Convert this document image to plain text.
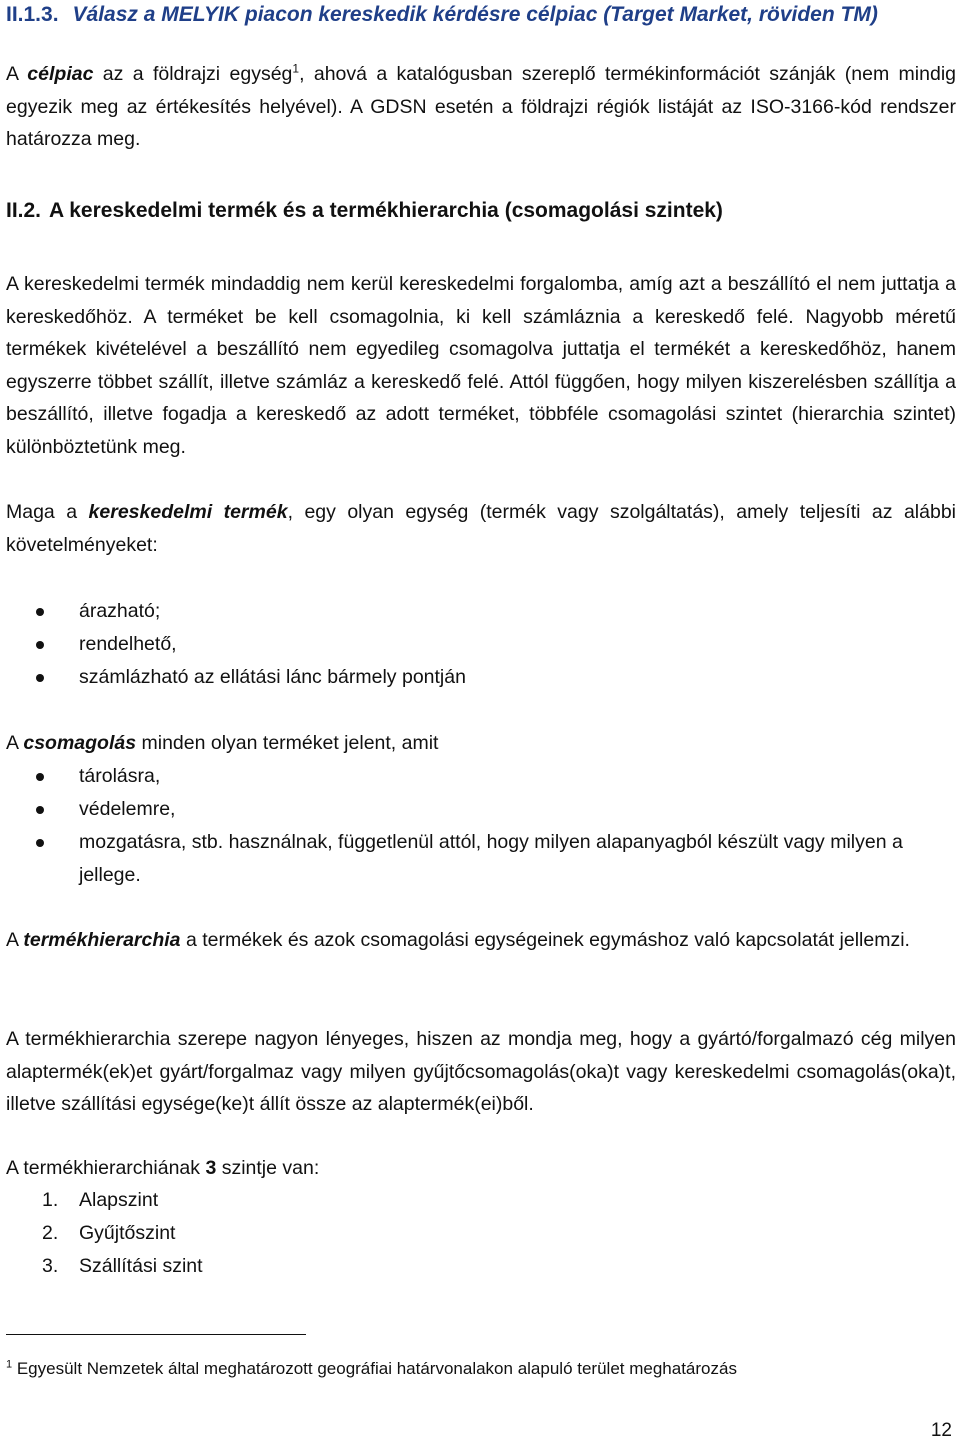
II.1.3. Válasz a MELYIK piacon kereskedik kérdésre célpiac (Target Market, röviden TM)
A célpiac az a földrajzi egység$^1$, ahová a katalógusban szereplő termékinformációt szánják (nem mindig egyezik meg az értékesítés helyével). A GDSN esetén a földrajzi régiók listáját az ISO-3166-kód rendszer határozza meg.
II.2. A kereskedelmi termék és a termékhierarchia (csomagolási szintek)
A kereskedelmi termék mindaddig nem kerül kereskedelmi forgalomba, amíg azt a beszállító el nem juttatja a kereskedőhöz. A terméket be kell csomagolnia, ki kell számláznia a kereskedő felé. Nagyobb méretű termékek kivételével a beszállító nem egyedileg csomagolva juttatja el termékét a kereskedőhöz, hanem egyszerre többet szállít, illetve számláz a kereskedő felé. Attól függően, hogy milyen kiszerelésben szállítja a beszállító, illetve fogadja a kereskedő az adott terméket, többféle csomagolási szintet (hierarchia szintet) különböztetünk meg.
Maga a kereskedelmi termék, egy olyan egység (termék vagy szolgáltatás), amely teljesíti az alábbi követelményeket:
árazható;
rendelhető,
számlázható az ellátási lánc bármely pontján
A csomagolás minden olyan terméket jelent, amit
tárolásra,
védelemre,
mozgatásra, stb. használnak, függetlenül attól, hogy milyen alapanyagból készült vagy milyen a jellege.
A termékhierarchia a termékek és azok csomagolási egységeinek egymáshoz való kapcsolatát jellemzi.
A termékhierarchia szerepe nagyon lényeges, hiszen az mondja meg, hogy a gyártó/forgalmazó cég milyen alaptermék(ek)et gyárt/forgalmaz vagy milyen gyűjtőcsomagolás(oka)t vagy kereskedelmi csomagolás(oka)t, illetve szállítási egysége(ke)t állít össze az alaptermék(ei)ből.
A termékhierarchiának 3 szintje van:
1. Alapszint
2. Gyűjtőszint
3. Szállítási szint
$^1$ Egyesült Nemzetek által meghatározott geográfiai határvonalakon alapuló terület meghatározás
12
